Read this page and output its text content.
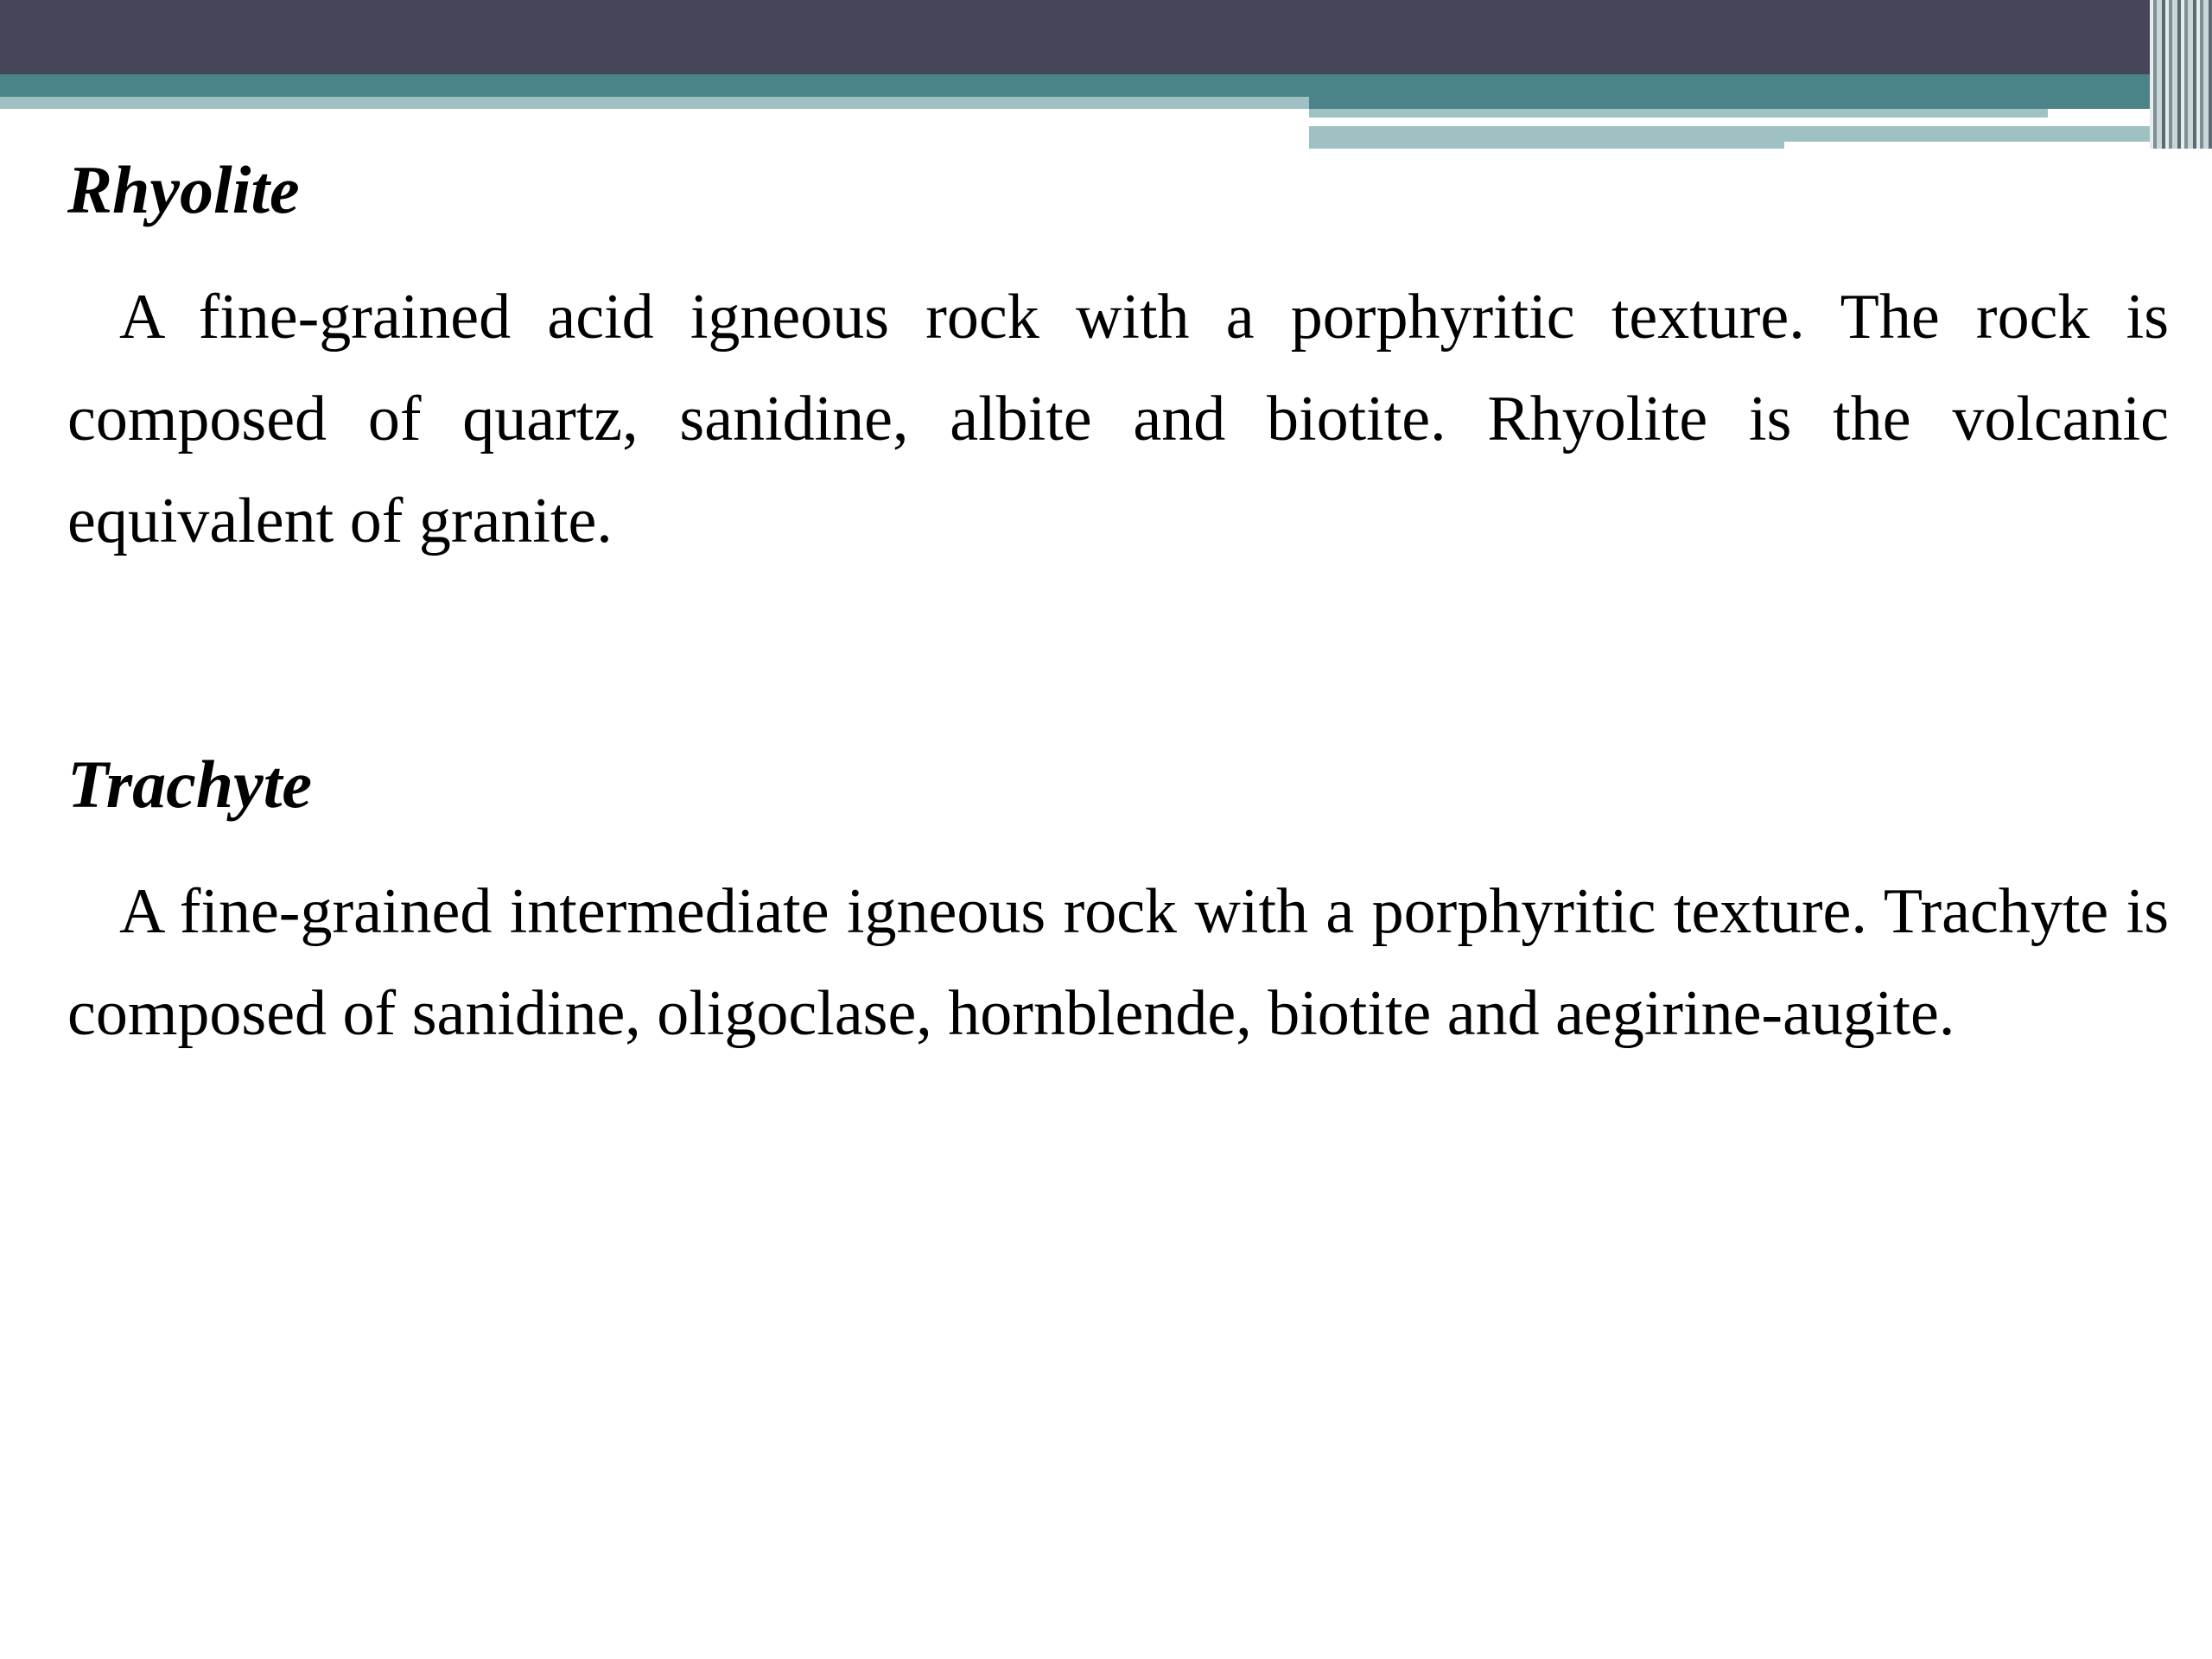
Rhyolite

A fine-grained acid igneous rock with a porphyritic texture. The rock is composed of quartz, sanidine, albite and biotite. Rhyolite is the volcanic equivalent of granite.

Trachyte

A fine-grained intermediate igneous rock with a porphyritic texture. Trachyte is composed of sanidine, oligoclase, hornblende, biotite and aegirine-augite.
